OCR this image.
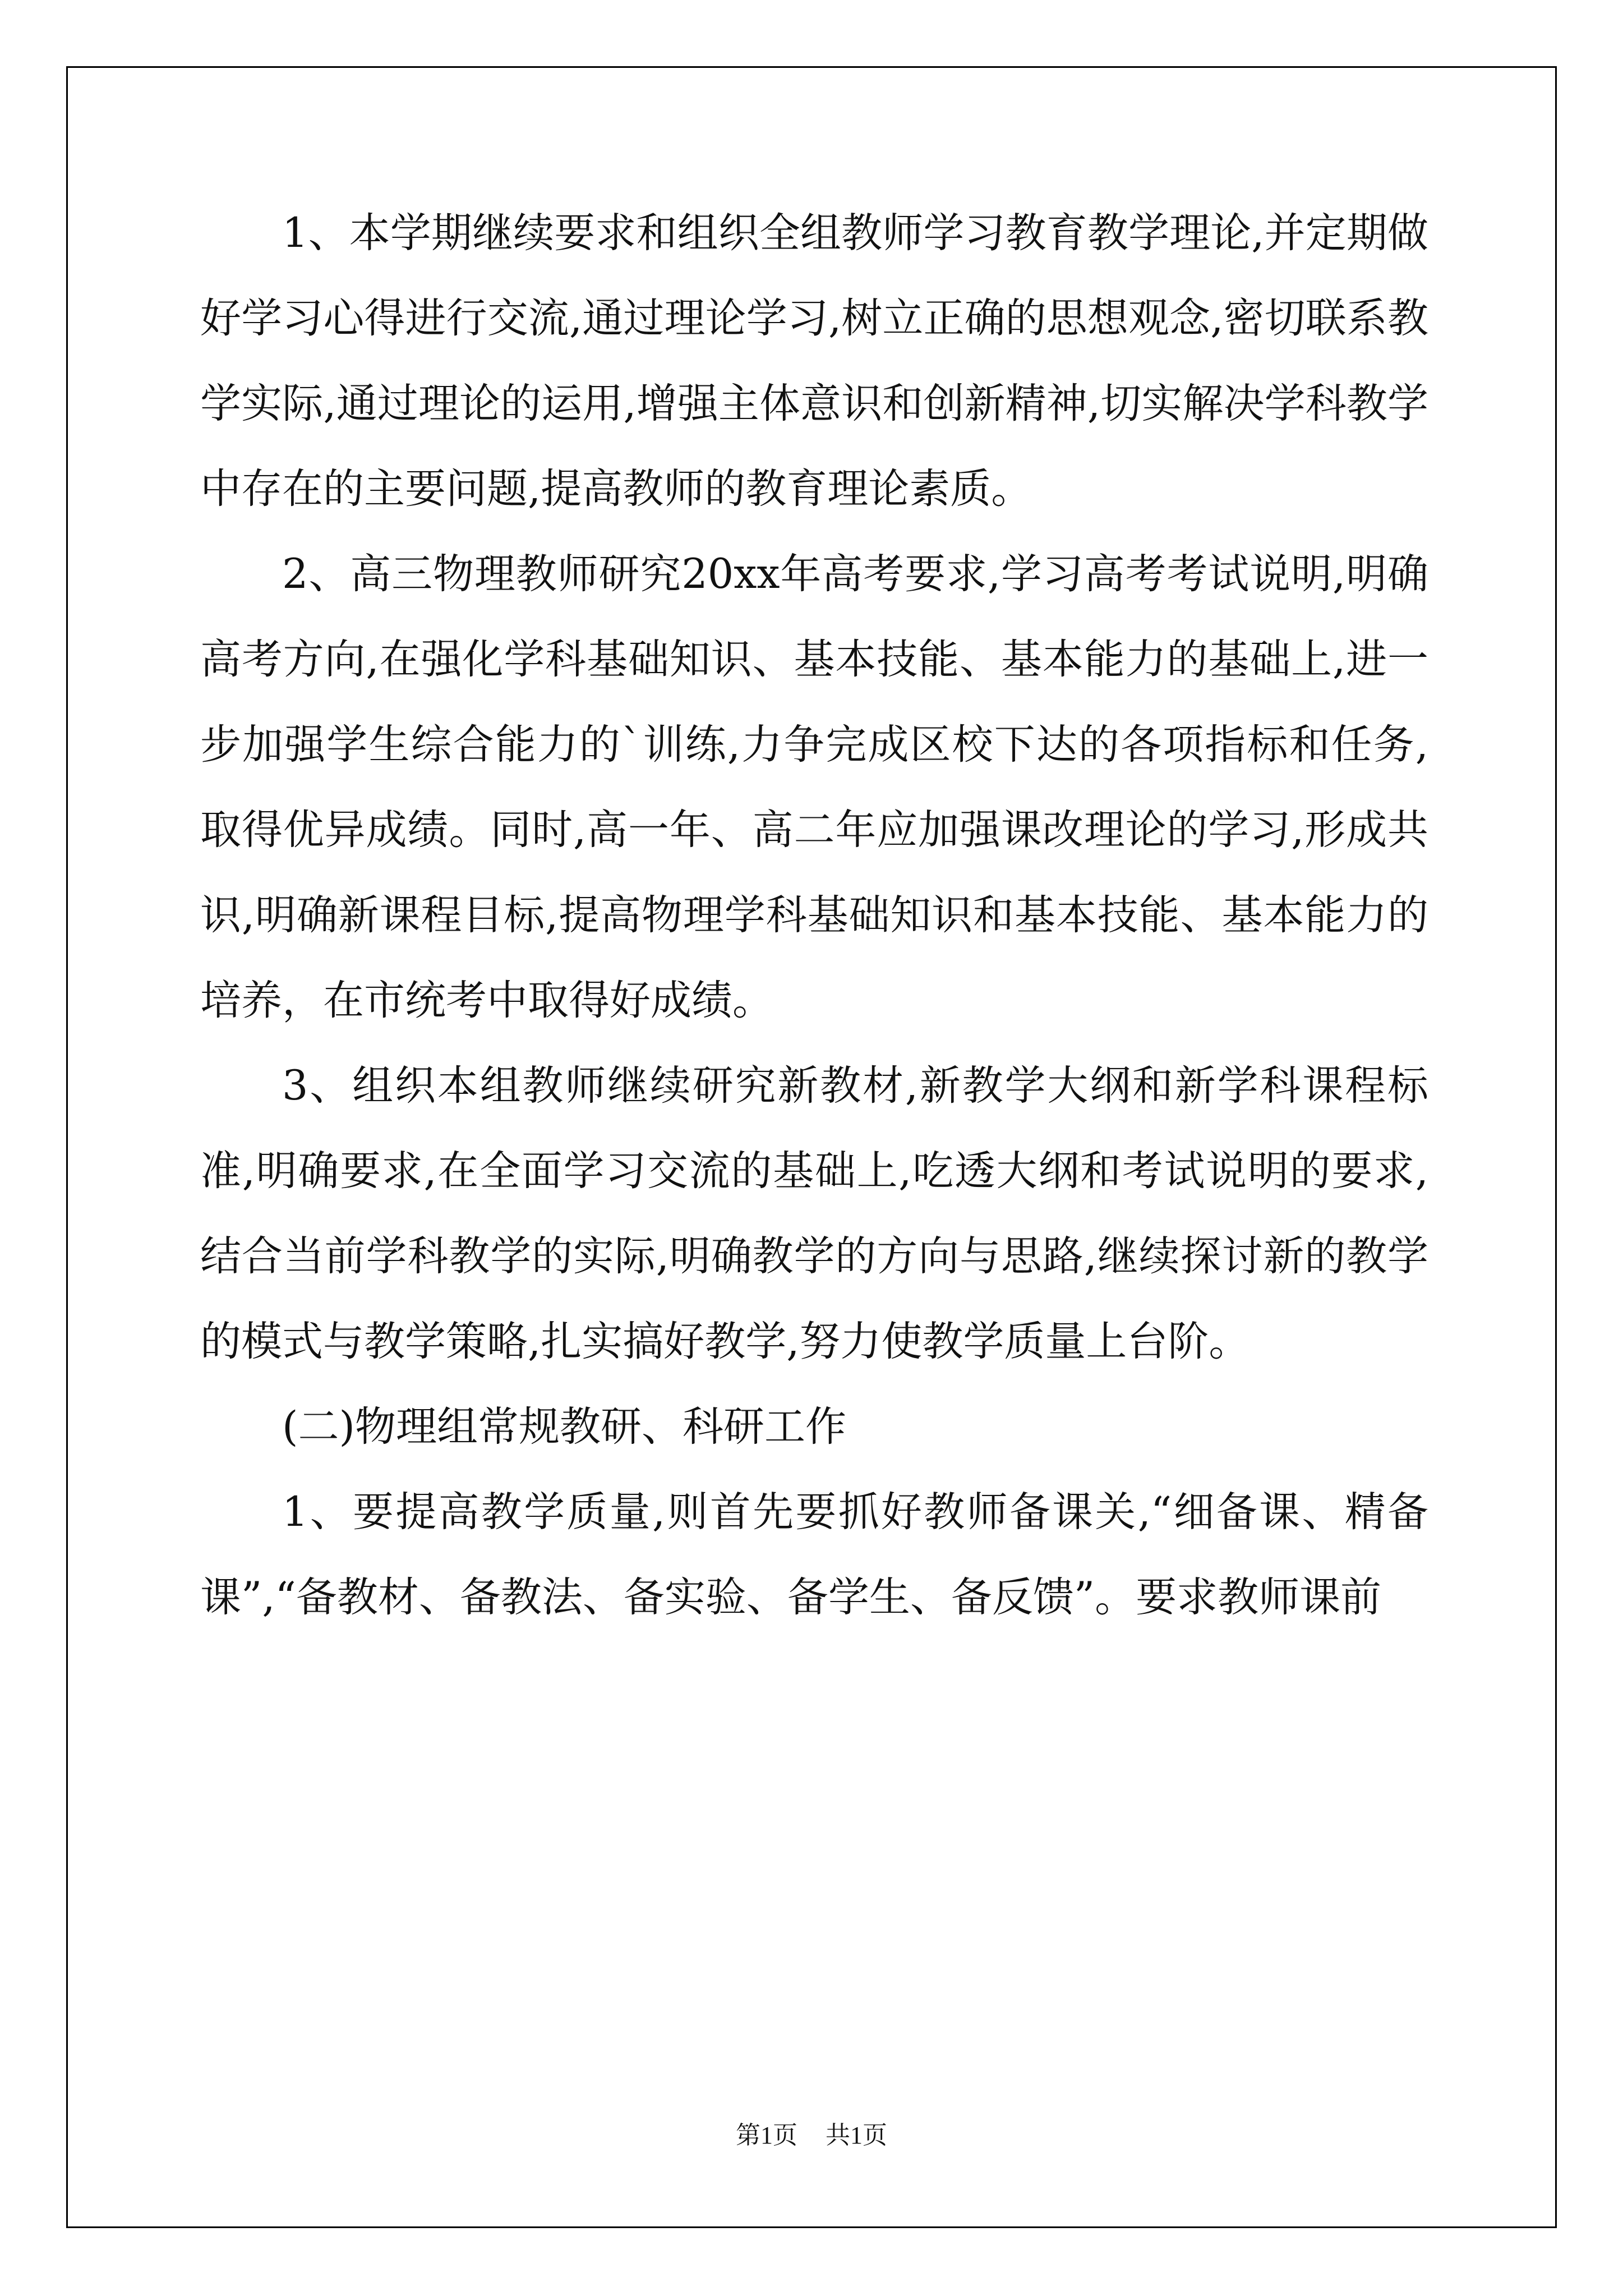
1、本学期继续要求和组织全组教师学习教育教学理论,并定期做好学习心得进行交流,通过理论学习,树立正确的思想观念,密切联系教学实际,通过理论的运用,增强主体意识和创新精神,切实解决学科教学中存在的主要问题,提高教师的教育理论素质。

2、高三物理教师研究20xx年高考要求,学习高考考试说明,明确高考方向,在强化学科基础知识、基本技能、基本能力的基础上,进一步加强学生综合能力的`训练,力争完成区校下达的各项指标和任务,取得优异成绩。同时,高一年、高二年应加强课改理论的学习,形成共识,明确新课程目标,提高物理学科基础知识和基本技能、基本能力的培养，在市统考中取得好成绩。

3、组织本组教师继续研究新教材,新教学大纲和新学科课程标准,明确要求,在全面学习交流的基础上,吃透大纲和考试说明的要求,结合当前学科教学的实际,明确教学的方向与思路,继续探讨新的教学的模式与教学策略,扎实搞好教学,努力使教学质量上台阶。

(二)物理组常规教研、科研工作

1、要提高教学质量,则首先要抓好教师备课关,“细备课、精备课”,“备教材、备教法、备实验、备学生、备反馈”。要求教师课前

第1页 共1页
